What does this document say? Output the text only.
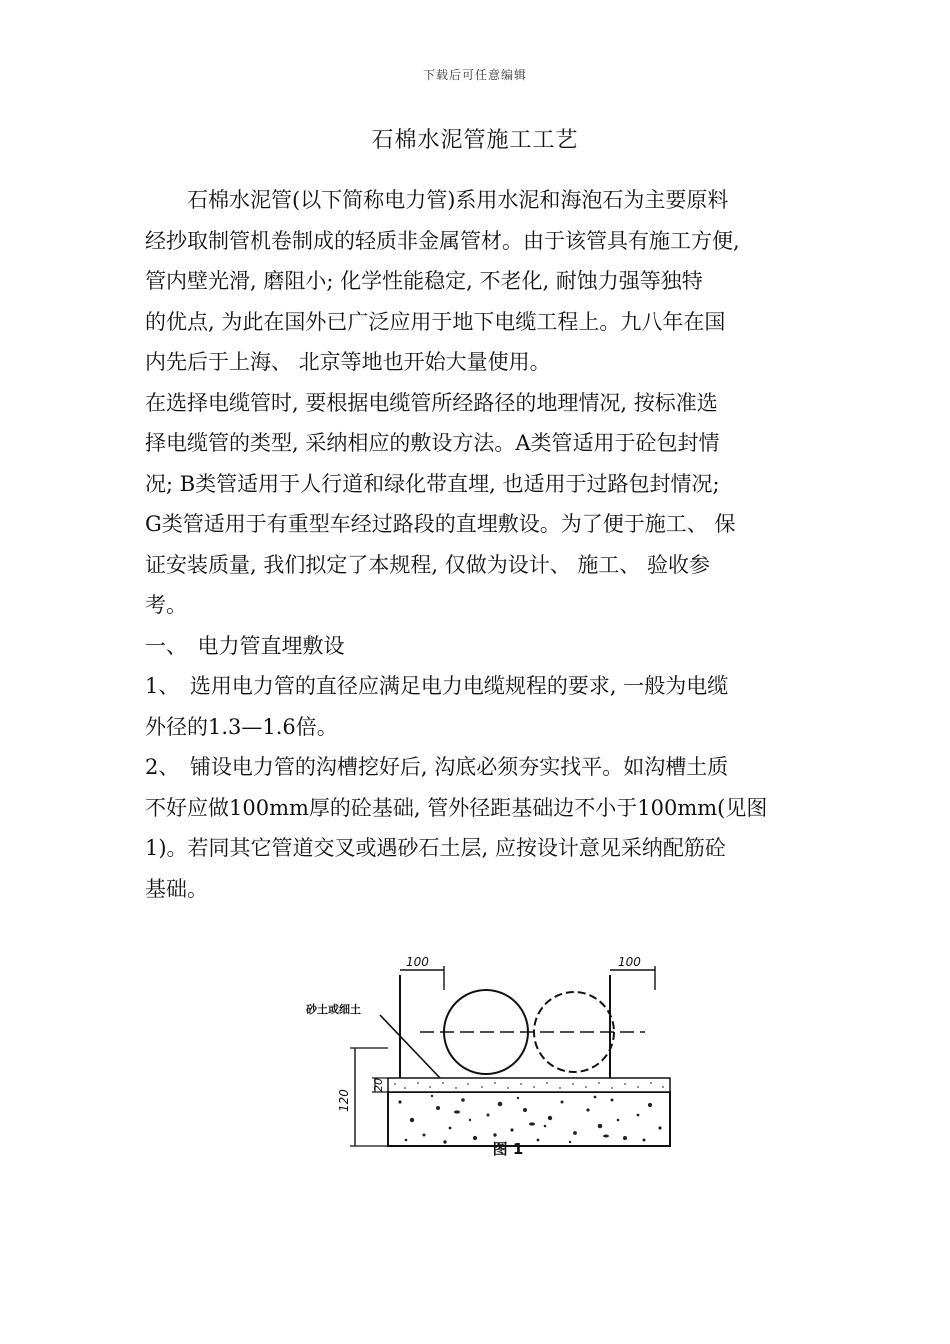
下载后可任意编辑
石棉水泥管施工工艺
　　石棉水泥管(以下简称电力管)系用水泥和海泡石为主要原料
经抄取制管机卷制成的轻质非金属管材。由于该管具有施工方便,
管内壁光滑, 磨阻小; 化学性能稳定, 不老化, 耐蚀力强等独特
的优点, 为此在国外已广泛应用于地下电缆工程上。九八年在国
内先后于上海、 北京等地也开始大量使用。
在选择电缆管时, 要根据电缆管所经路径的地理情况, 按标准选
择电缆管的类型, 采纳相应的敷设方法。A类管适用于砼包封情
况; B类管适用于人行道和绿化带直埋, 也适用于过路包封情况;
G类管适用于有重型车经过路段的直埋敷设。为了便于施工、 保
证安装质量, 我们拟定了本规程, 仅做为设计、 施工、 验收参
考。
一、　电力管直埋敷设
1、　选用电力管的直径应满足电力电缆规程的要求, 一般为电缆
外径的1.3—1.6倍。
2、　铺设电力管的沟槽挖好后, 沟底必须夯实找平。如沟槽土质
不好应做100mm厚的砼基础, 管外径距基础边不小于100mm(见图
1)。若同其它管道交叉或遇砂石土层, 应按设计意见采纳配筋砼
基础。
100	100
砂土或细土
20
120
图 1
